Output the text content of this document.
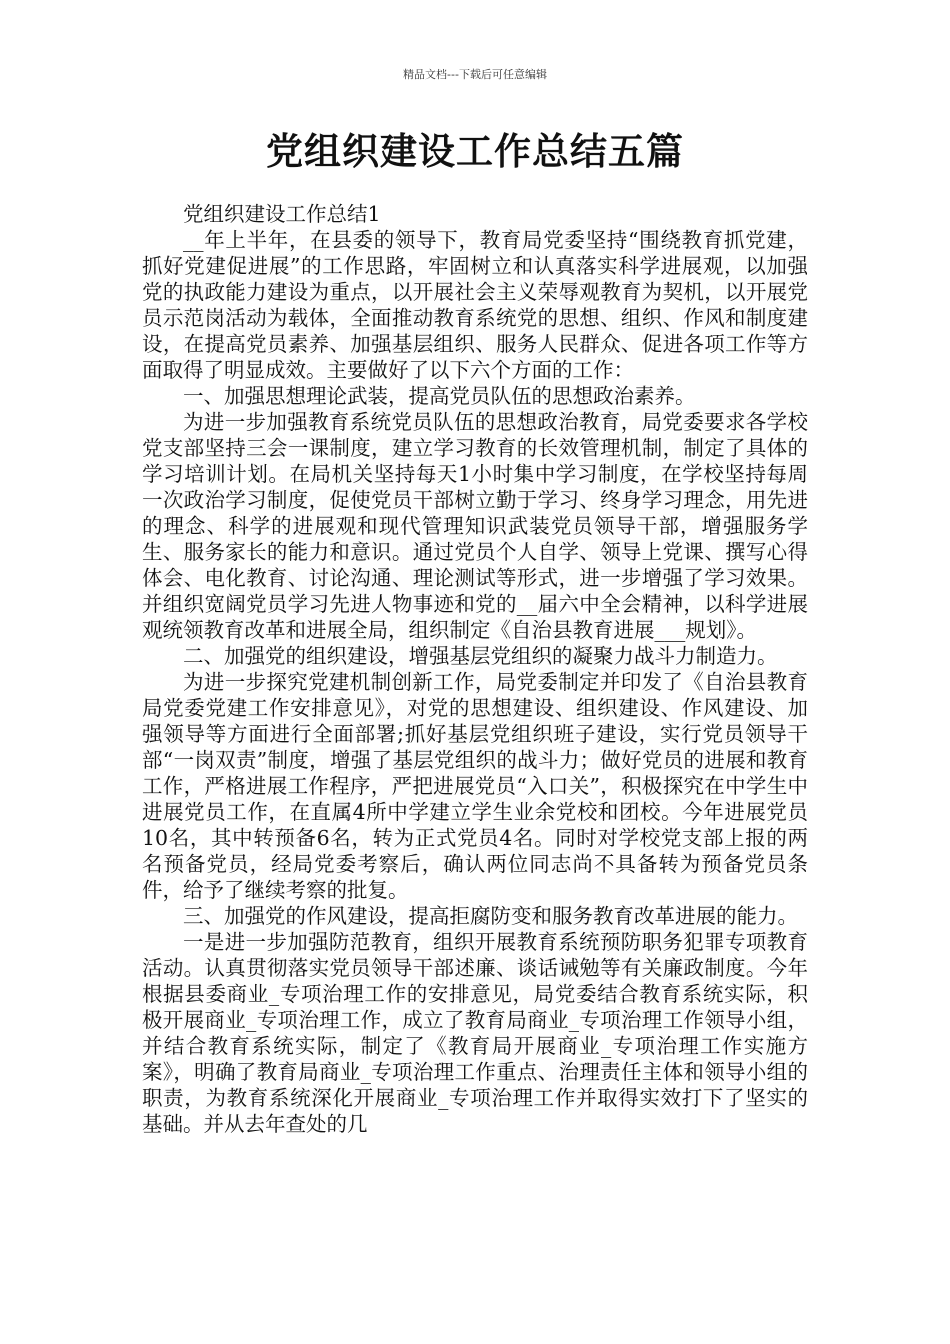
精品文档---下载后可任意编辑
党组织建设工作总结五篇

党组织建设工作总结1

__年上半年，在县委的领导下，教育局党委坚持“围绕教育抓党建，抓好党建促进展”的工作思路，牢固树立和认真落实科学进展观，以加强党的执政能力建设为重点，以开展社会主义荣辱观教育为契机，以开展党员示范岗活动为载体，全面推动教育系统党的思想、组织、作风和制度建设，在提高党员素养、加强基层组织、服务人民群众、促进各项工作等方面取得了明显成效。主要做好了以下六个方面的工作：

一、加强思想理论武装，提高党员队伍的思想政治素养。

为进一步加强教育系统党员队伍的思想政治教育，局党委要求各学校党支部坚持三会一课制度，建立学习教育的长效管理机制，制定了具体的学习培训计划。在局机关坚持每天1小时集中学习制度，在学校坚持每周一次政治学习制度，促使党员干部树立勤于学习、终身学习理念，用先进的理念、科学的进展观和现代管理知识武装党员领导干部，增强服务学生、服务家长的能力和意识。通过党员个人自学、领导上党课、撰写心得体会、电化教育、讨论沟通、理论测试等形式，进一步增强了学习效果。并组织宽阔党员学习先进人物事迹和党的__届六中全会精神，以科学进展观统领教育改革和进展全局，组织制定《自治县教育进展___规划》。

二、加强党的组织建设，增强基层党组织的凝聚力战斗力制造力。

为进一步探究党建机制创新工作，局党委制定并印发了《自治县教育局党委党建工作安排意见》，对党的思想建设、组织建设、作风建设、加强领导等方面进行全面部署;抓好基层党组织班子建设，实行党员领导干部“一岗双责”制度，增强了基层党组织的战斗力；做好党员的进展和教育工作，严格进展工作程序，严把进展党员“入口关”，积极探究在中学生中进展党员工作，在直属4所中学建立学生业余党校和团校。今年进展党员10名，其中转预备6名，转为正式党员4名。同时对学校党支部上报的两名预备党员，经局党委考察后，确认两位同志尚不具备转为预备党员条件，给予了继续考察的批复。

三、加强党的作风建设，提高拒腐防变和服务教育改革进展的能力。

一是进一步加强防范教育，组织开展教育系统预防职务犯罪专项教育活动。认真贯彻落实党员领导干部述廉、谈话诫勉等有关廉政制度。今年根据县委商业_专项治理工作的安排意见，局党委结合教育系统实际，积极开展商业_专项治理工作，成立了教育局商业_专项治理工作领导小组，并结合教育系统实际，制定了《教育局开展商业_专项治理工作实施方案》，明确了教育局商业_专项治理工作重点、治理责任主体和领导小组的职责，为教育系统深化开展商业_专项治理工作并取得实效打下了坚实的基础。并从去年查处的几
